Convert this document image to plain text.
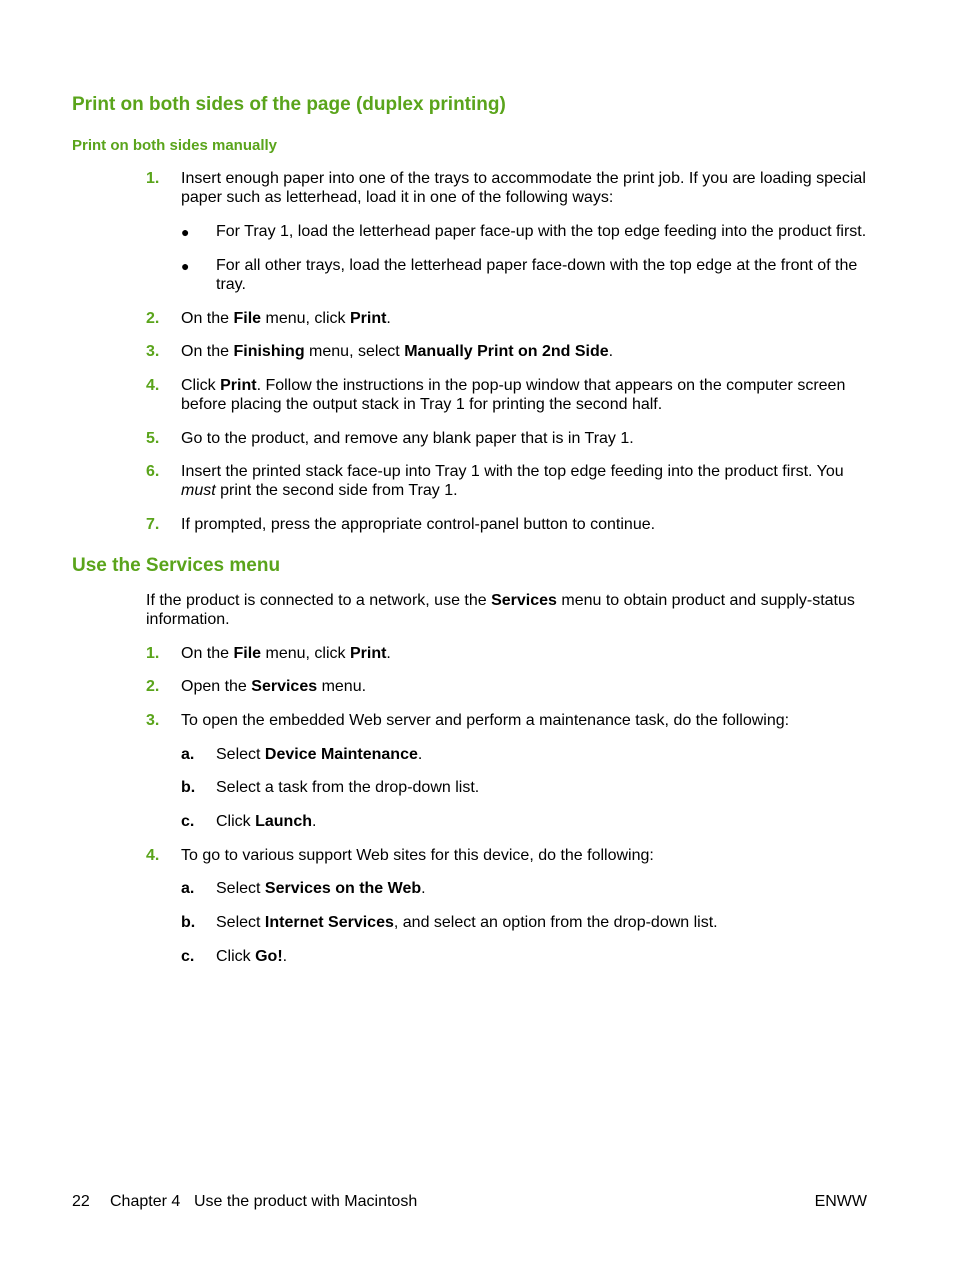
Print on both sides of the page (duplex printing)
Print on both sides manually
1. Insert enough paper into one of the trays to accommodate the print job. If you are loading special paper such as letterhead, load it in one of the following ways:
● For Tray 1, load the letterhead paper face-up with the top edge feeding into the product first.
● For all other trays, load the letterhead paper face-down with the top edge at the front of the tray.
2. On the File menu, click Print.
3. On the Finishing menu, select Manually Print on 2nd Side.
4. Click Print. Follow the instructions in the pop-up window that appears on the computer screen before placing the output stack in Tray 1 for printing the second half.
5. Go to the product, and remove any blank paper that is in Tray 1.
6. Insert the printed stack face-up into Tray 1 with the top edge feeding into the product first. You must print the second side from Tray 1.
7. If prompted, press the appropriate control-panel button to continue.
Use the Services menu
If the product is connected to a network, use the Services menu to obtain product and supply-status information.
1. On the File menu, click Print.
2. Open the Services menu.
3. To open the embedded Web server and perform a maintenance task, do the following:
a. Select Device Maintenance.
b. Select a task from the drop-down list.
c. Click Launch.
4. To go to various support Web sites for this device, do the following:
a. Select Services on the Web.
b. Select Internet Services, and select an option from the drop-down list.
c. Click Go!.
22 Chapter 4 Use the product with Macintosh	ENWW
